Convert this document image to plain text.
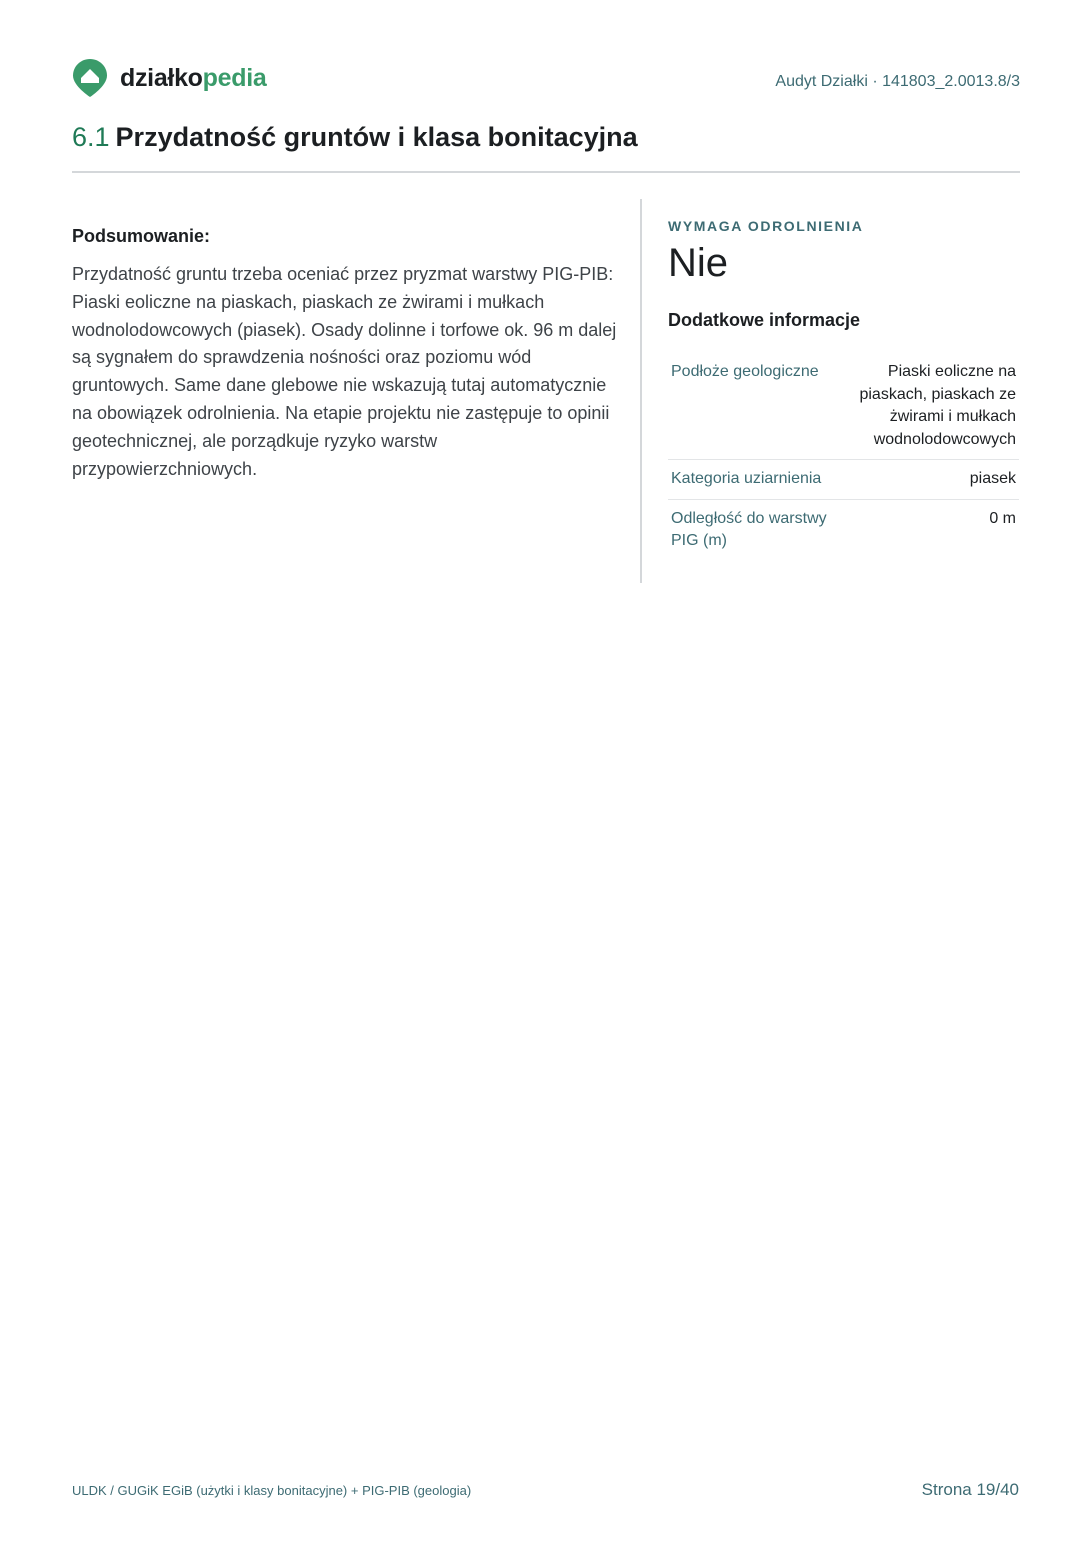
działkopedia	Audyt Działki · 141803_2.0013.8/3
6.1 Przydatność gruntów i klasa bonitacyjna

Podsumowanie:

Przydatność gruntu trzeba oceniać przez pryzmat warstwy PIG-PIB: Piaski eoliczne na piaskach, piaskach ze żwirami i mułkach wodnolodowcowych (piasek). Osady dolinne i torfowe ok. 96 m dalej są sygnałem do sprawdzenia nośności oraz poziomu wód gruntowych. Same dane glebowe nie wskazują tutaj automatycznie na obowiązek odrolnienia. Na etapie projektu nie zastępuje to opinii geotechnicznej, ale porządkuje ryzyko warstw przypowierzchniowych.

WYMAGA ODROLNIENIA
Nie
Dodatkowe informacje
Podłoże geologiczne	Piaski eoliczne na piaskach, piaskach ze żwirami i mułkach wodnolodowcowych
Kategoria uziarnienia	piasek
Odległość do warstwy PIG (m)	0 m
ULDK / GUGiK EGiB (użytki i klasy bonitacyjne) + PIG-PIB (geologia)	Strona 19/40
